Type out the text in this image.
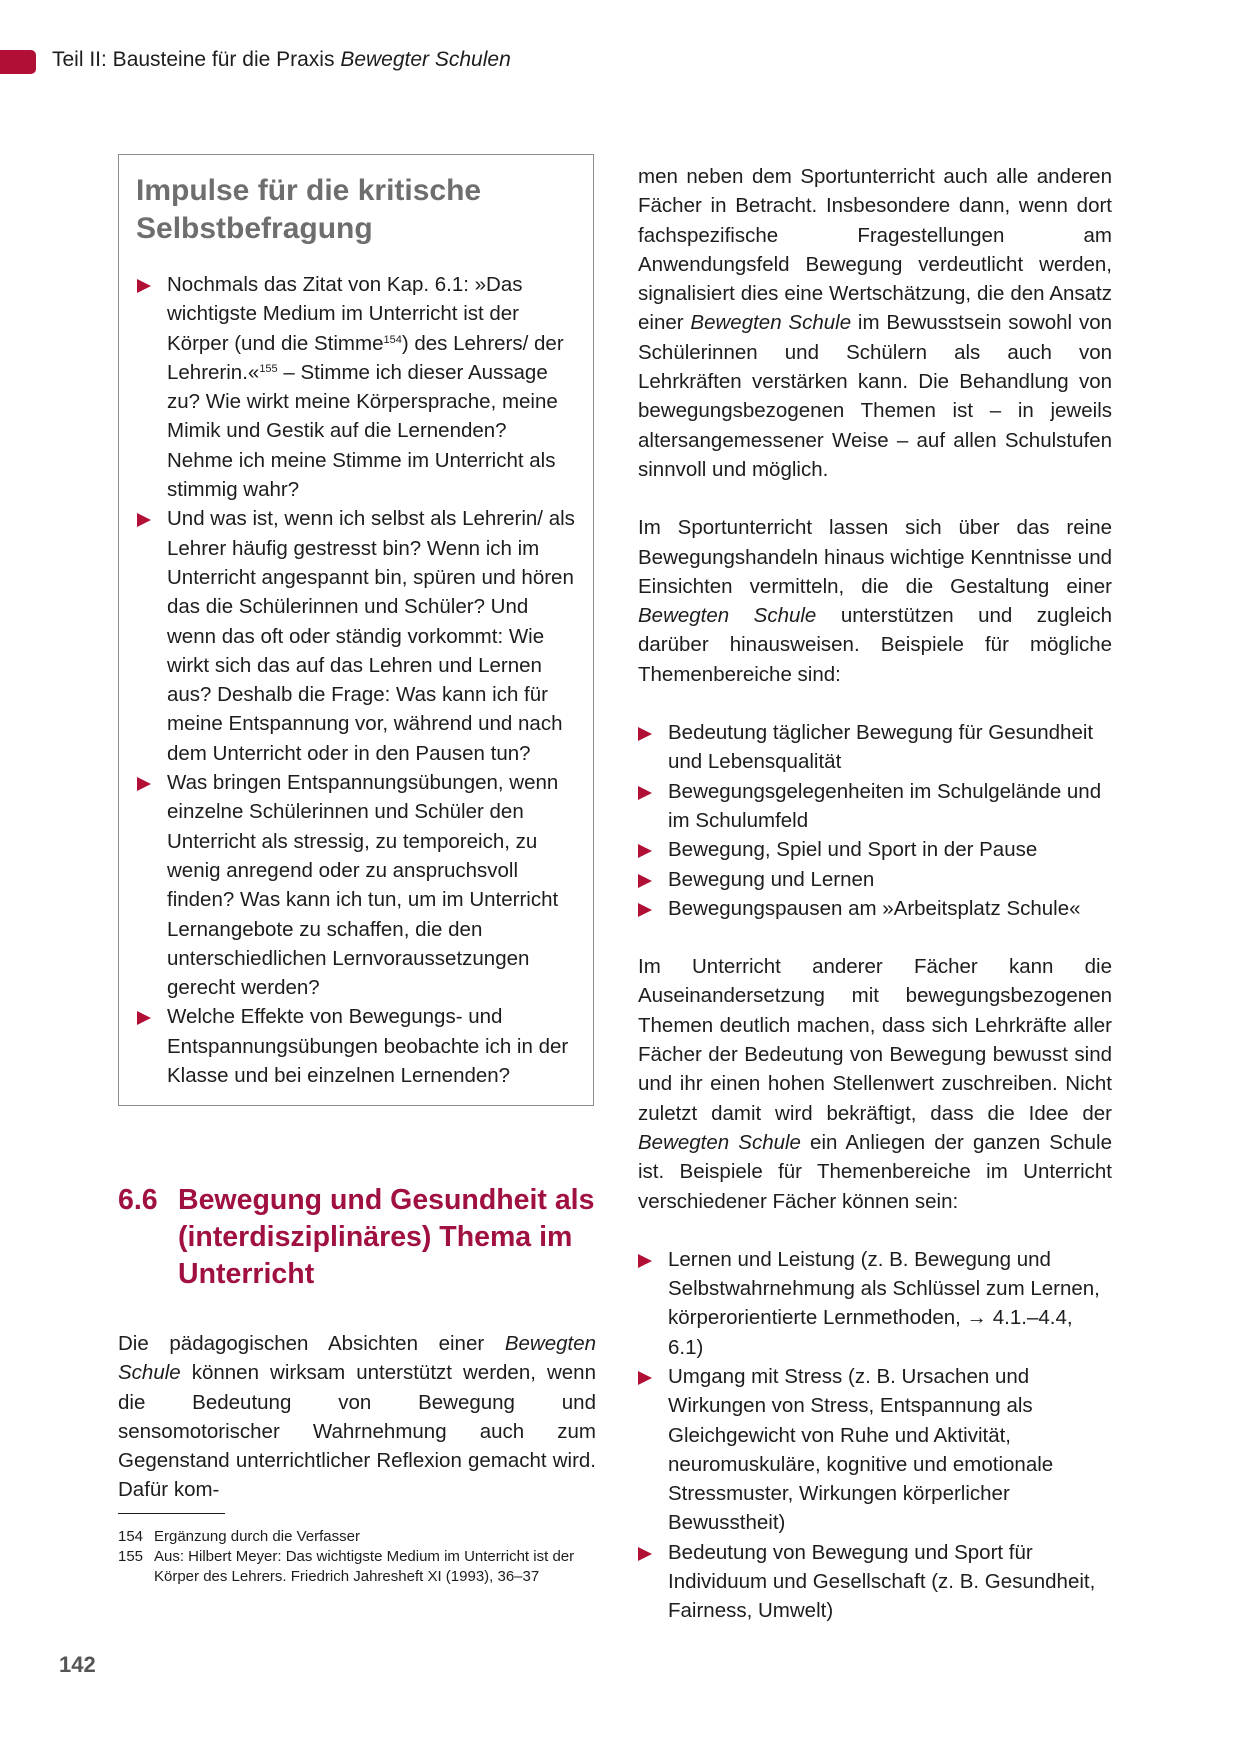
Teil II: Bausteine für die Praxis Bewegter Schulen
Impulse für die kritische Selbstbefragung
Nochmals das Zitat von Kap. 6.1: »Das wichtigste Medium im Unterricht ist der Körper (und die Stimme$^{154}$) des Lehrers/ der Lehrerin.«$^{155}$ – Stimme ich dieser Aussage zu? Wie wirkt meine Körpersprache, meine Mimik und Gestik auf die Lernenden? Nehme ich meine Stimme im Unterricht als stimmig wahr?
Und was ist, wenn ich selbst als Lehrerin/ als Lehrer häufig gestresst bin? Wenn ich im Unterricht angespannt bin, spüren und hören das die Schülerinnen und Schüler? Und wenn das oft oder ständig vorkommt: Wie wirkt sich das auf das Lehren und Lernen aus? Deshalb die Frage: Was kann ich für meine Entspannung vor, während und nach dem Unterricht oder in den Pausen tun?
Was bringen Entspannungsübungen, wenn einzelne Schülerinnen und Schüler den Unterricht als stressig, zu temporeich, zu wenig anregend oder zu anspruchsvoll finden? Was kann ich tun, um im Unterricht Lernangebote zu schaffen, die den unterschiedlichen Lernvoraussetzungen gerecht werden?
Welche Effekte von Bewegungs- und Entspannungsübungen beobachte ich in der Klasse und bei einzelnen Lernenden?
6.6 Bewegung und Gesundheit als (interdisziplinäres) Thema im Unterricht
Die pädagogischen Absichten einer Bewegten Schule können wirksam unterstützt werden, wenn die Bedeutung von Bewegung und sensomotorischer Wahrnehmung auch zum Gegenstand unterrichtlicher Reflexion gemacht wird. Dafür kom-
154 Ergänzung durch die Verfasser
155 Aus: Hilbert Meyer: Das wichtigste Medium im Unterricht ist der Körper des Lehrers. Friedrich Jahresheft XI (1993), 36–37
142

men neben dem Sportunterricht auch alle anderen Fächer in Betracht. Insbesondere dann, wenn dort fachspezifische Fragestellungen am Anwendungsfeld Bewegung verdeutlicht werden, signalisiert dies eine Wertschätzung, die den Ansatz einer Bewegten Schule im Bewusstsein sowohl von Schülerinnen und Schülern als auch von Lehrkräften verstärken kann. Die Behandlung von bewegungsbezogenen Themen ist – in jeweils altersangemessener Weise – auf allen Schulstufen sinnvoll und möglich.

Im Sportunterricht lassen sich über das reine Bewegungshandeln hinaus wichtige Kenntnisse und Einsichten vermitteln, die die Gestaltung einer Bewegten Schule unterstützen und zugleich darüber hinausweisen. Beispiele für mögliche Themenbereiche sind:

Bedeutung täglicher Bewegung für Gesundheit und Lebensqualität
Bewegungsgelegenheiten im Schulgelände und im Schulumfeld
Bewegung, Spiel und Sport in der Pause
Bewegung und Lernen
Bewegungspausen am »Arbeitsplatz Schule«

Im Unterricht anderer Fächer kann die Auseinandersetzung mit bewegungsbezogenen Themen deutlich machen, dass sich Lehrkräfte aller Fächer der Bedeutung von Bewegung bewusst sind und ihr einen hohen Stellenwert zuschreiben. Nicht zuletzt damit wird bekräftigt, dass die Idee der Bewegten Schule ein Anliegen der ganzen Schule ist. Beispiele für Themenbereiche im Unterricht verschiedener Fächer können sein:

Lernen und Leistung (z. B. Bewegung und Selbstwahrnehmung als Schlüssel zum Lernen, körperorientierte Lernmethoden, → 4.1.–4.4, 6.1)
Umgang mit Stress (z. B. Ursachen und Wirkungen von Stress, Entspannung als Gleichgewicht von Ruhe und Aktivität, neuromuskuläre, kognitive und emotionale Stressmuster, Wirkungen körperlicher Bewusstheit)
Bedeutung von Bewegung und Sport für Individuum und Gesellschaft (z. B. Gesundheit, Fairness, Umwelt)
